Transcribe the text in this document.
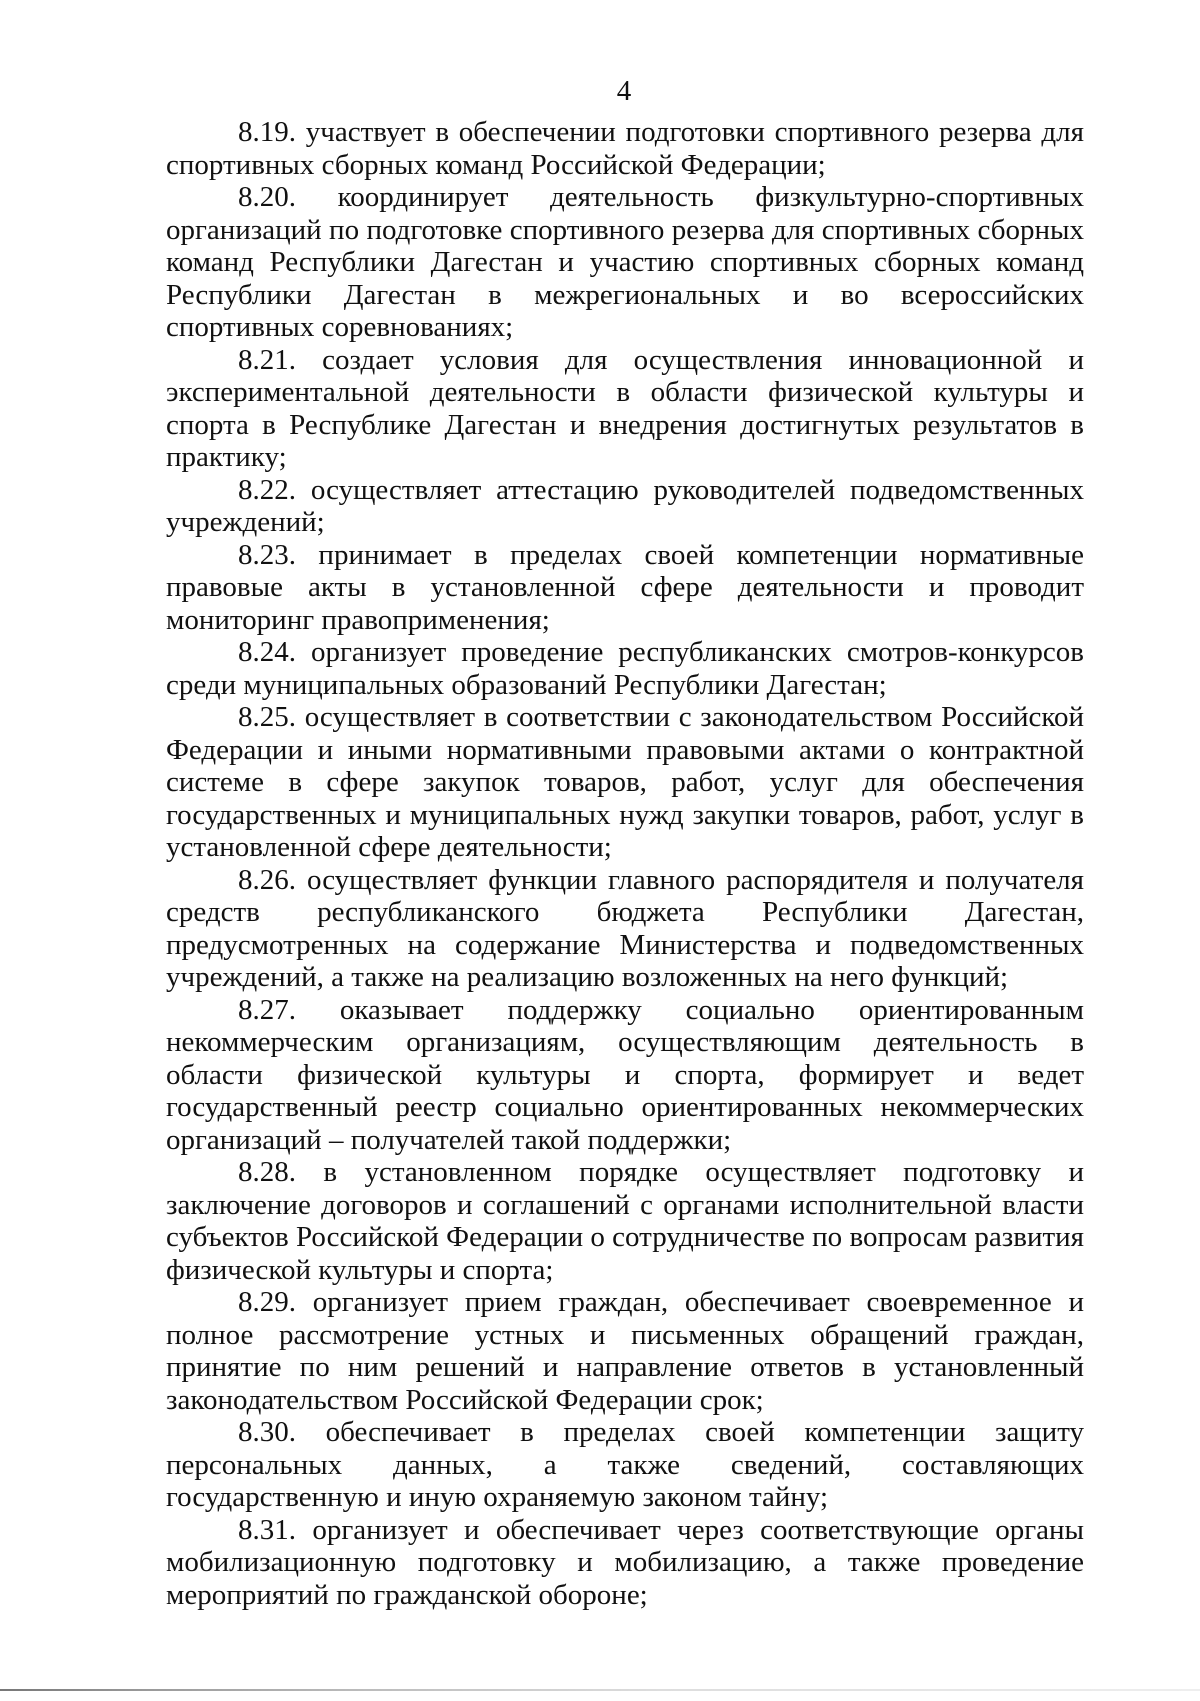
4

8.19. участвует в обеспечении подготовки спортивного резерва для спортивных сборных команд Российской Федерации;

8.20. координирует деятельность физкультурно-спортивных организаций по подготовке спортивного резерва для спортивных сборных команд Республики Дагестан и участию спортивных сборных команд Республики Дагестан в межрегиональных и во всероссийских спортивных соревнованиях;

8.21. создает условия для осуществления инновационной и экспериментальной деятельности в области физической культуры и спорта в Республике Дагестан и внедрения достигнутых результатов в практику;

8.22. осуществляет аттестацию руководителей подведомственных учреждений;

8.23. принимает в пределах своей компетенции нормативные правовые акты в установленной сфере деятельности и проводит мониторинг правоприменения;

8.24. организует проведение республиканских смотров-конкурсов среди муниципальных образований Республики Дагестан;

8.25. осуществляет в соответствии с законодательством Российской Федерации и иными нормативными правовыми актами о контрактной системе в сфере закупок товаров, работ, услуг для обеспечения государственных и муниципальных нужд закупки товаров, работ, услуг в установленной сфере деятельности;

8.26. осуществляет функции главного распорядителя и получателя средств республиканского бюджета Республики Дагестан, предусмотренных на содержание Министерства и подведомственных учреждений, а также на реализацию возложенных на него функций;

8.27. оказывает поддержку социально ориентированным некоммерческим организациям, осуществляющим деятельность в области физической культуры и спорта, формирует и ведет государственный реестр социально ориентированных некоммерческих организаций – получателей такой поддержки;

8.28. в установленном порядке осуществляет подготовку и заключение договоров и соглашений с органами исполнительной власти субъектов Российской Федерации о сотрудничестве по вопросам развития физической культуры и спорта;

8.29. организует прием граждан, обеспечивает своевременное и полное рассмотрение устных и письменных обращений граждан, принятие по ним решений и направление ответов в установленный законодательством Российской Федерации срок;

8.30. обеспечивает в пределах своей компетенции защиту персональных данных, а также сведений, составляющих государственную и иную охраняемую законом тайну;

8.31. организует и обеспечивает через соответствующие органы мобилизационную подготовку и мобилизацию, а также проведение мероприятий по гражданской обороне;
